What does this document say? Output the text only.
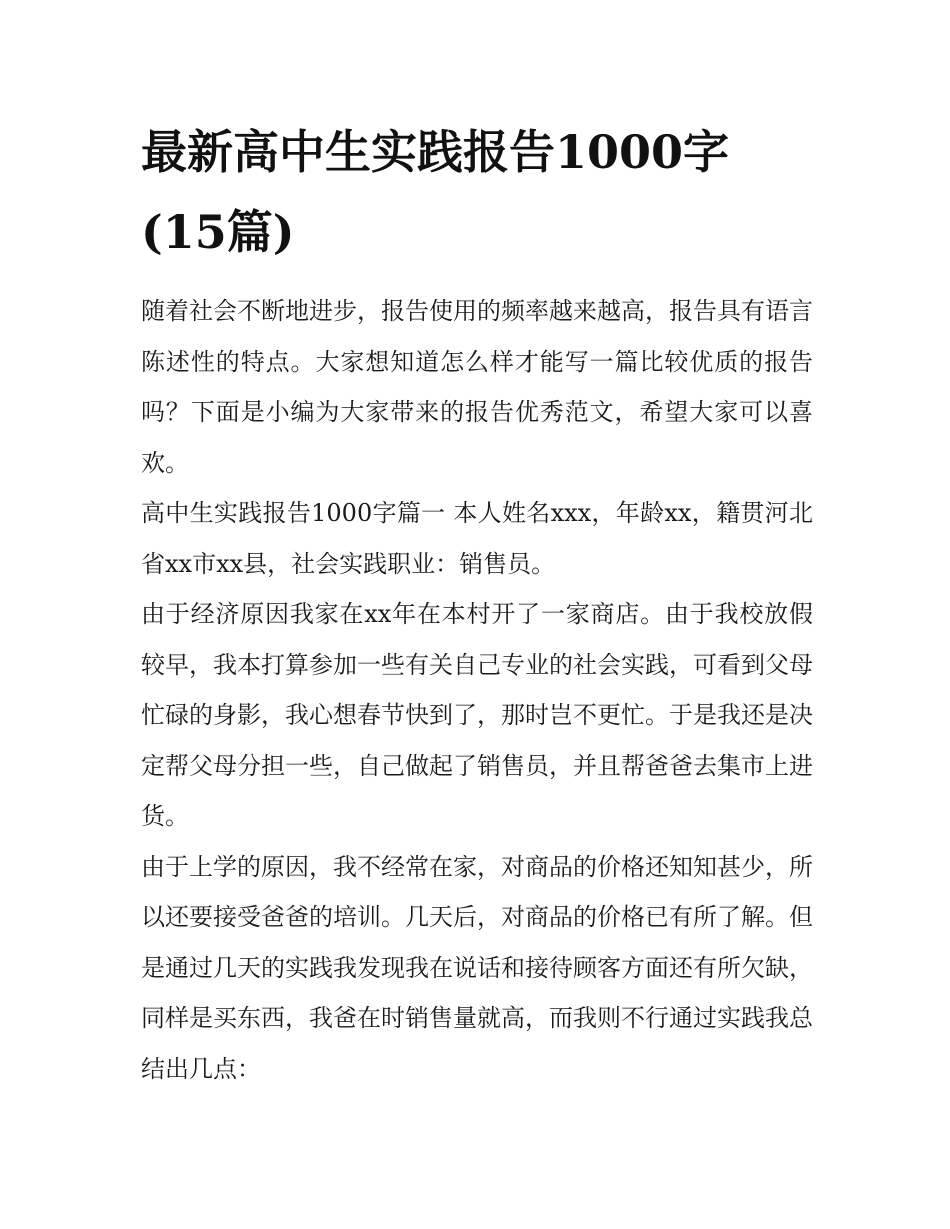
最新高中生实践报告1000字(15篇)

随着社会不断地进步，报告使用的频率越来越高，报告具有语言陈述性的特点。大家想知道怎么样才能写一篇比较优质的报告吗？下面是小编为大家带来的报告优秀范文，希望大家可以喜欢。

高中生实践报告1000字篇一 本人姓名xxx，年龄xx，籍贯河北省xx市xx县，社会实践职业：销售员。

由于经济原因我家在xx年在本村开了一家商店。由于我校放假较早，我本打算参加一些有关自己专业的社会实践，可看到父母忙碌的身影，我心想春节快到了，那时岂不更忙。于是我还是决定帮父母分担一些，自己做起了销售员，并且帮爸爸去集市上进货。

由于上学的原因，我不经常在家，对商品的价格还知知甚少，所以还要接受爸爸的培训。几天后，对商品的价格已有所了解。但是通过几天的实践我发现我在说话和接待顾客方面还有所欠缺，同样是买东西，我爸在时销售量就高，而我则不行通过实践我总结出几点：
